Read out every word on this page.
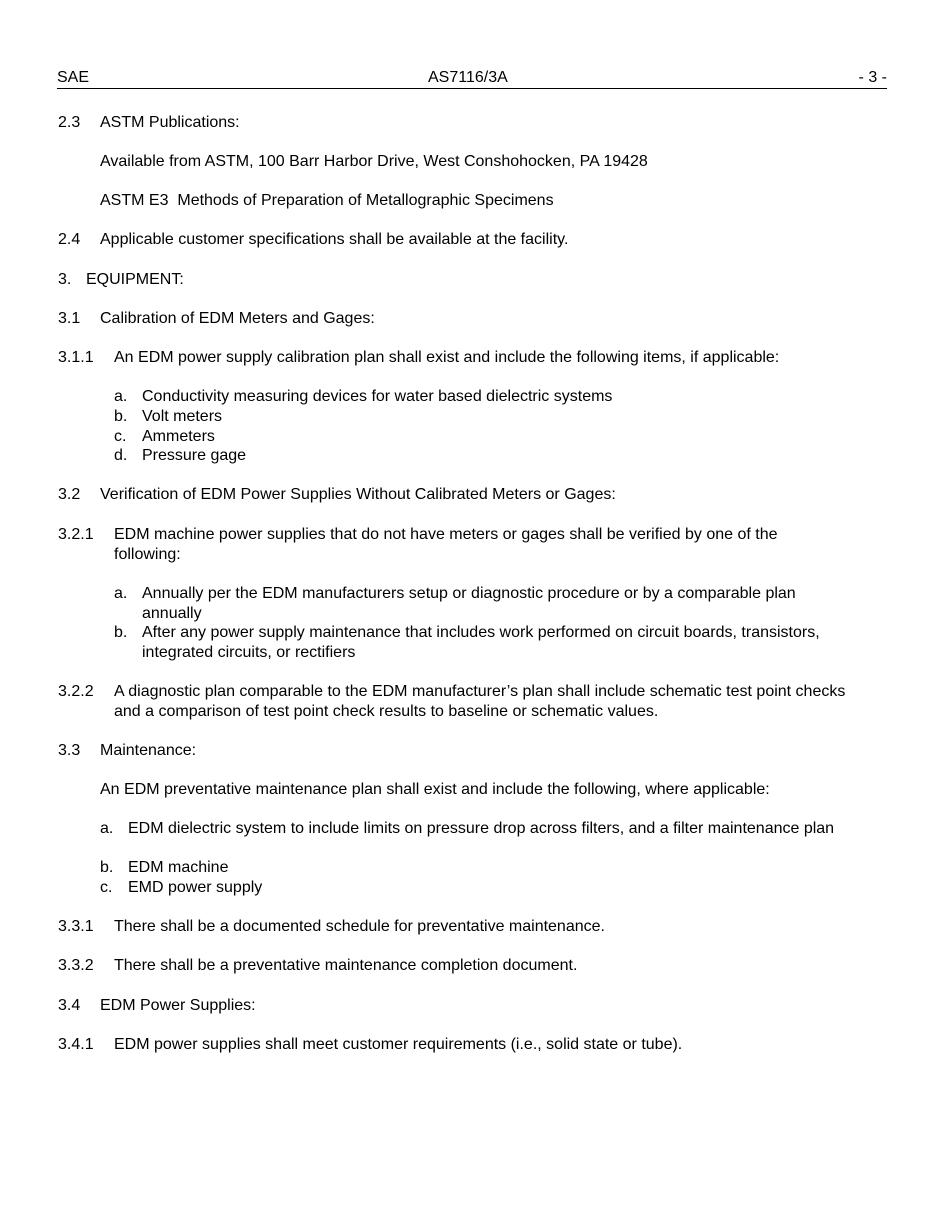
SAE	AS7116/3A	- 3 -

2.3 ASTM Publications:

Available from ASTM, 100 Barr Harbor Drive, West Conshohocken, PA 19428

ASTM E3 Methods of Preparation of Metallographic Specimens

2.4 Applicable customer specifications shall be available at the facility.

3. EQUIPMENT:

3.1 Calibration of EDM Meters and Gages:

3.1.1 An EDM power supply calibration plan shall exist and include the following items, if applicable:

a. Conductivity measuring devices for water based dielectric systems
b. Volt meters
c. Ammeters
d. Pressure gage

3.2 Verification of EDM Power Supplies Without Calibrated Meters or Gages:

3.2.1 EDM machine power supplies that do not have meters or gages shall be verified by one of the following:

a. Annually per the EDM manufacturers setup or diagnostic procedure or by a comparable plan annually
b. After any power supply maintenance that includes work performed on circuit boards, transistors, integrated circuits, or rectifiers

3.2.2 A diagnostic plan comparable to the EDM manufacturer’s plan shall include schematic test point checks and a comparison of test point check results to baseline or schematic values.

3.3 Maintenance:

An EDM preventative maintenance plan shall exist and include the following, where applicable:

a. EDM dielectric system to include limits on pressure drop across filters, and a filter maintenance plan
b. EDM machine
c. EMD power supply

3.3.1 There shall be a documented schedule for preventative maintenance.

3.3.2 There shall be a preventative maintenance completion document.

3.4 EDM Power Supplies:

3.4.1 EDM power supplies shall meet customer requirements (i.e., solid state or tube).
